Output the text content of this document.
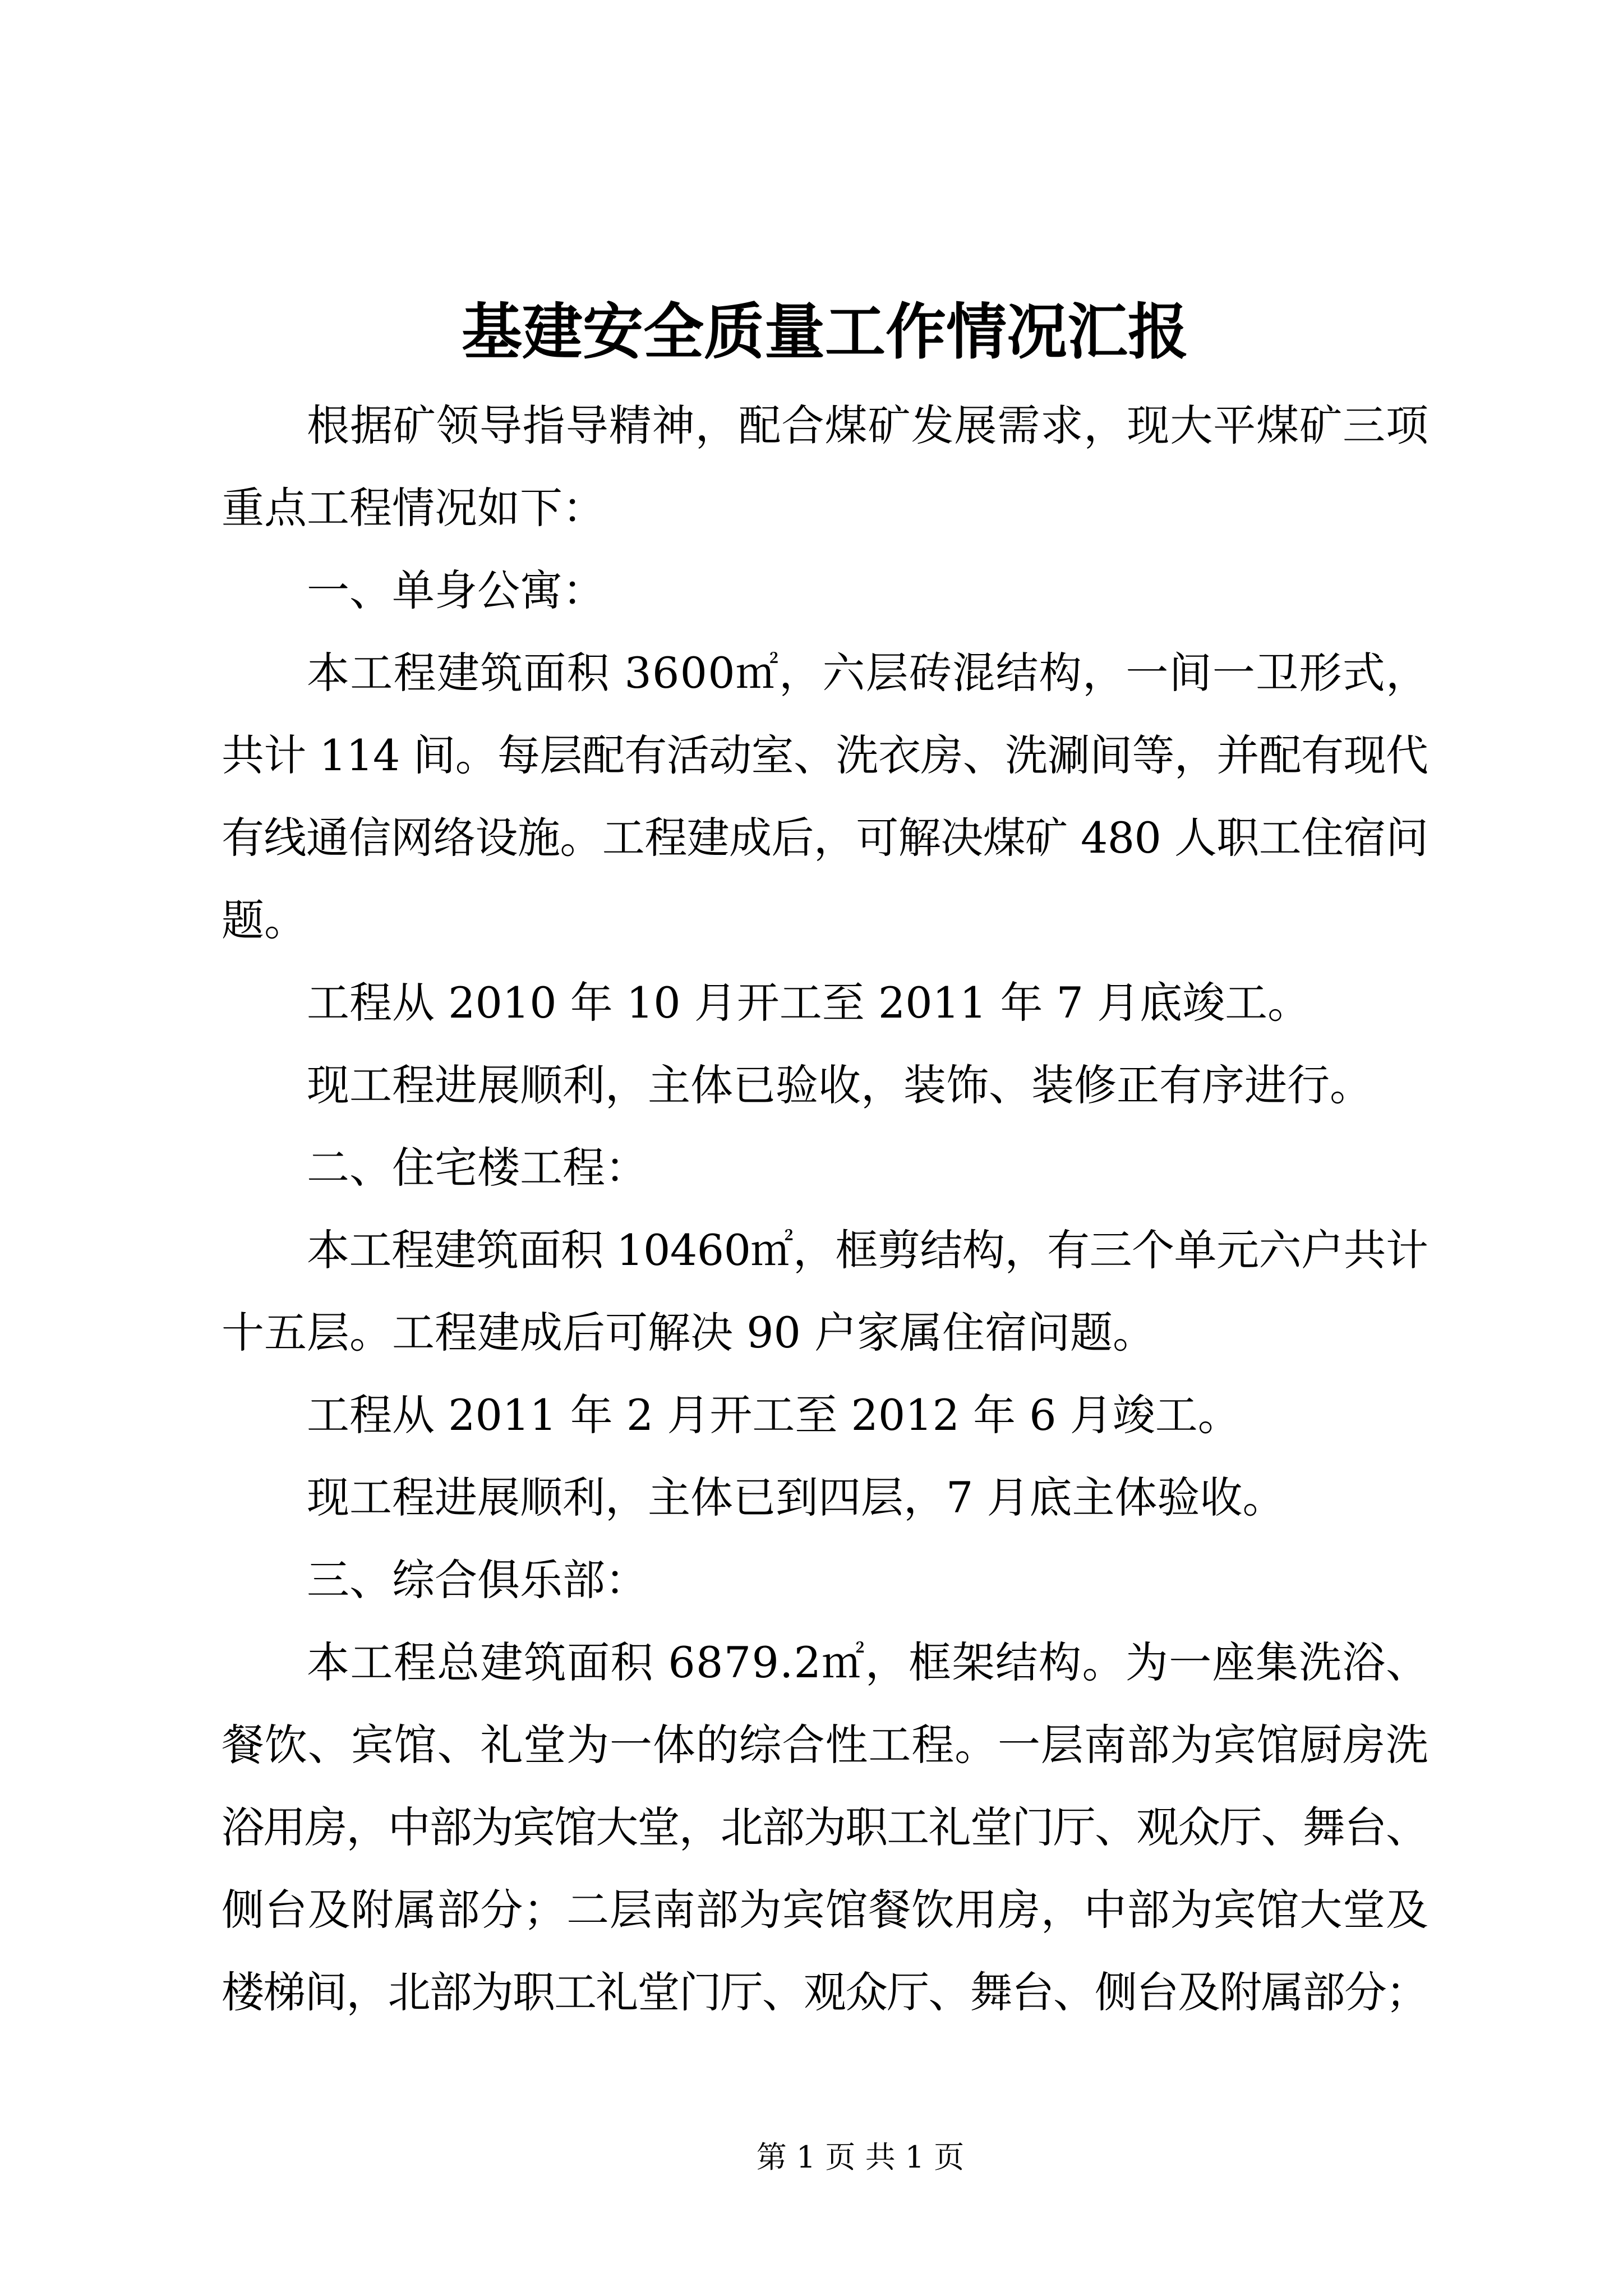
基建安全质量工作情况汇报
根据矿领导指导精神，配合煤矿发展需求，现大平煤矿三项
重点工程情况如下：
一、单身公寓：
本工程建筑面积 3600㎡，六层砖混结构，一间一卫形式，
共计 114 间。每层配有活动室、洗衣房、洗涮间等，并配有现代
有线通信网络设施。工程建成后，可解决煤矿 480 人职工住宿问
题。
工程从 2010 年 10 月开工至 2011 年 7 月底竣工。
现工程进展顺利，主体已验收，装饰、装修正有序进行。
二、住宅楼工程：
本工程建筑面积 10460㎡，框剪结构，有三个单元六户共计
十五层。工程建成后可解决 90 户家属住宿问题。
工程从 2011 年 2 月开工至 2012 年 6 月竣工。
现工程进展顺利，主体已到四层，7 月底主体验收。
三、综合俱乐部：
本工程总建筑面积 6879.2㎡，框架结构。为一座集洗浴、
餐饮、宾馆、礼堂为一体的综合性工程。一层南部为宾馆厨房洗
浴用房，中部为宾馆大堂，北部为职工礼堂门厅、观众厅、舞台、
侧台及附属部分；二层南部为宾馆餐饮用房，中部为宾馆大堂及
楼梯间，北部为职工礼堂门厅、观众厅、舞台、侧台及附属部分；
第 1 页 共 1 页
